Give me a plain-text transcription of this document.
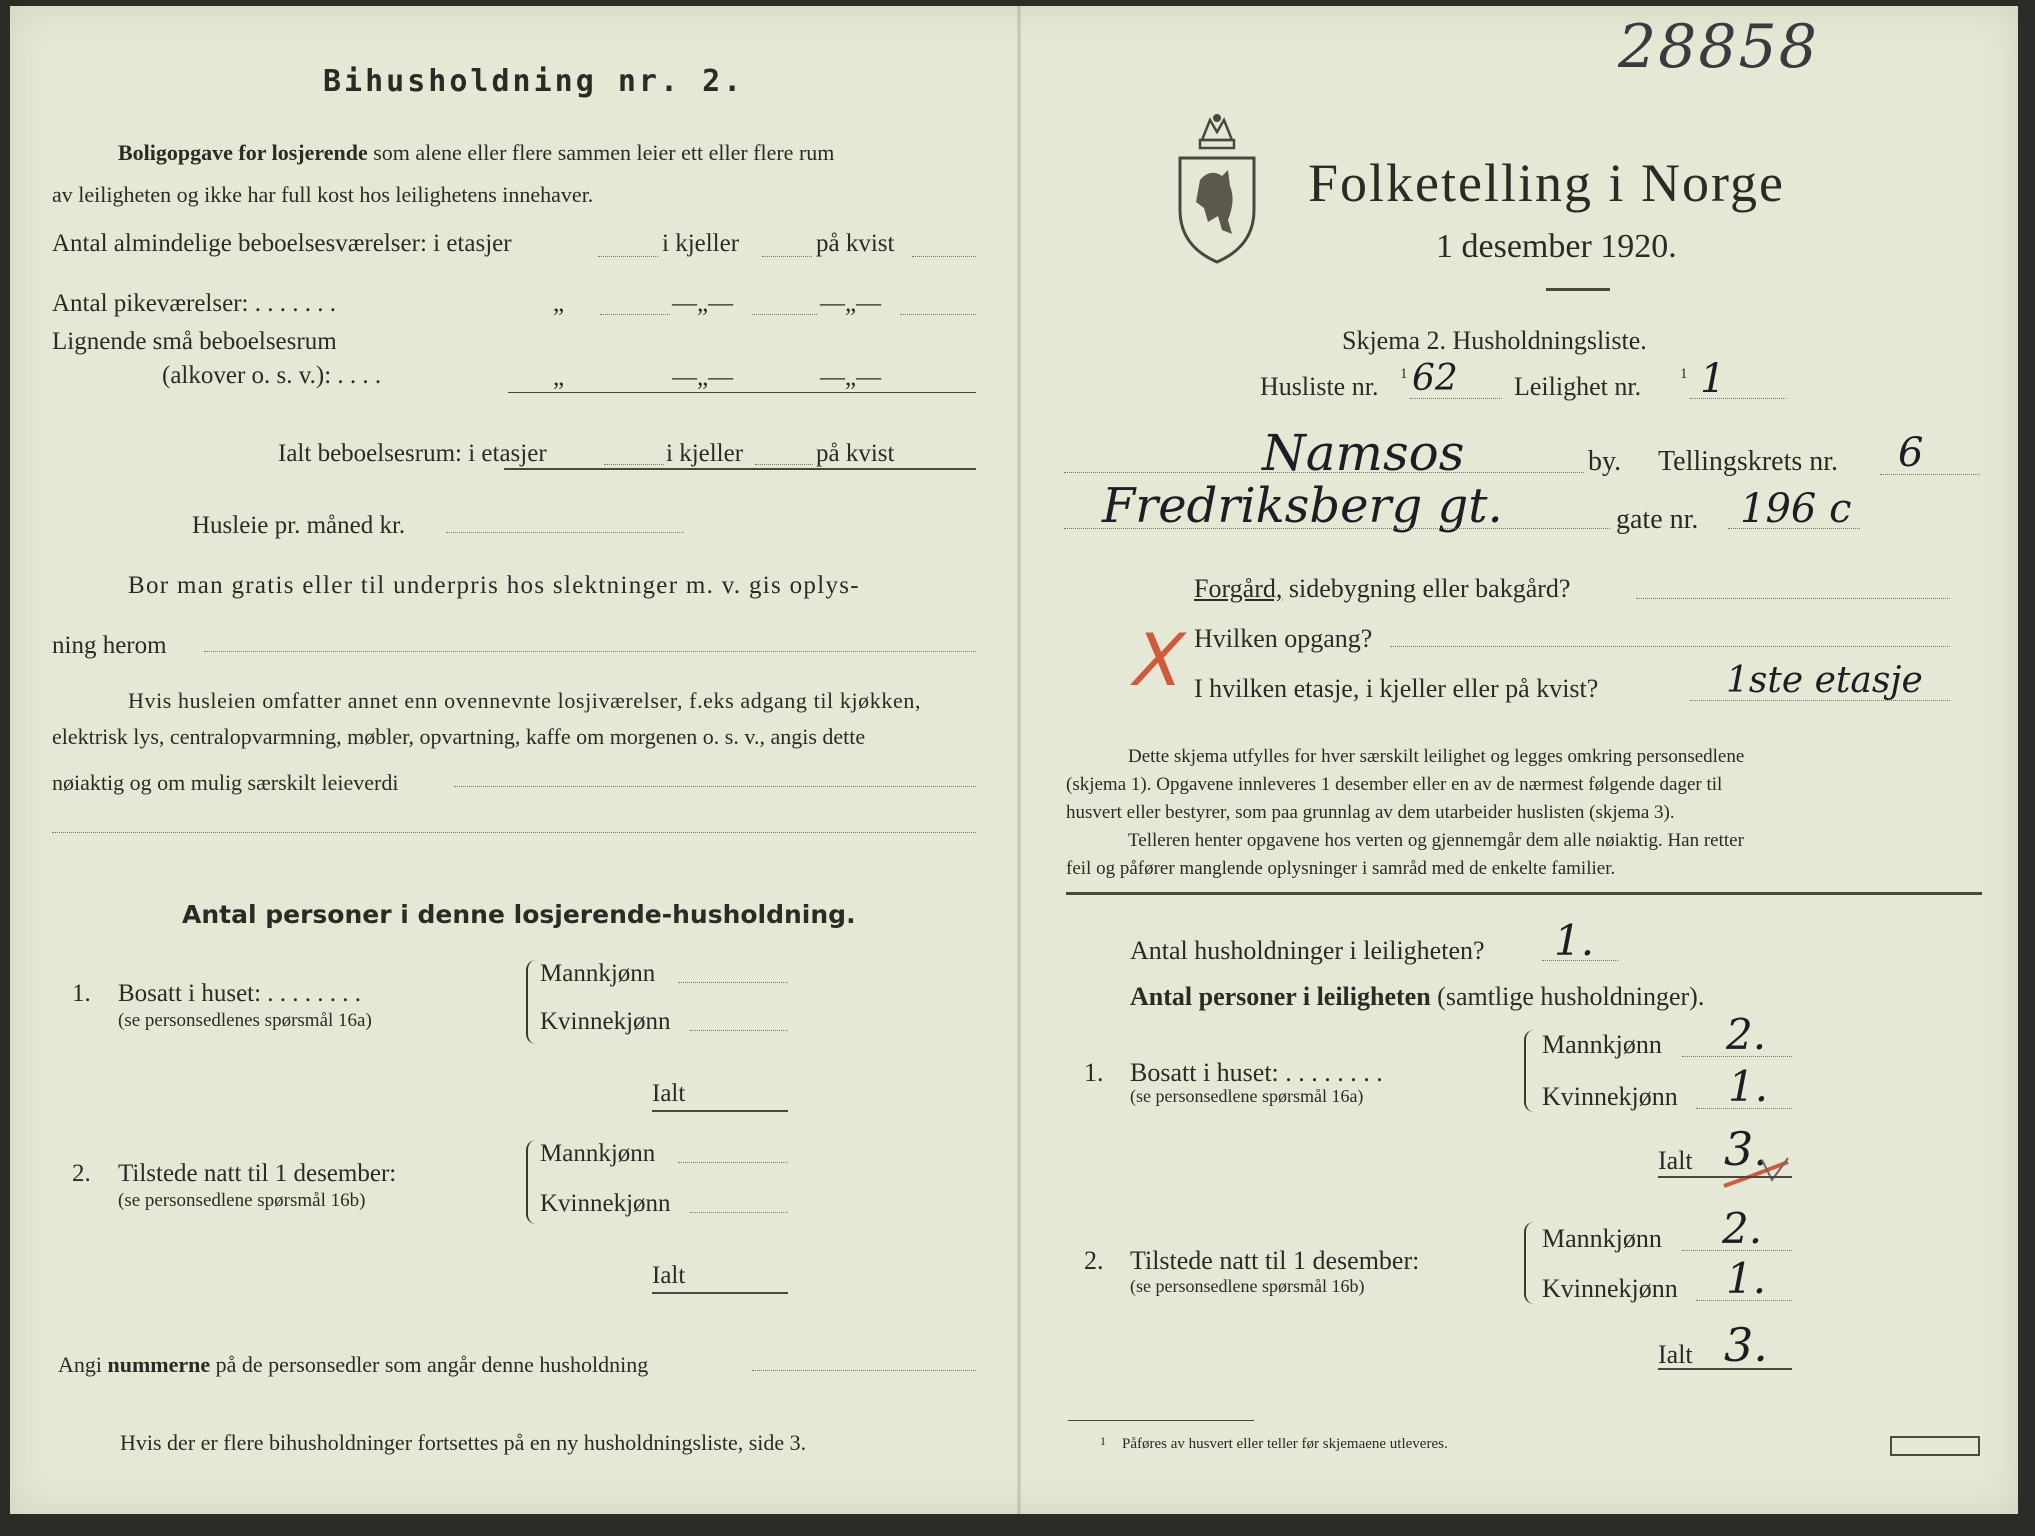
28858
Bihusholdning nr. 2.
Boligopgave for losjerende som alene eller flere sammen leier ett eller flere rum
av leiligheten og ikke har full kost hos leilighetens innehaver.
Antal almindelige beboelsesværelser: i etasjer	i kjeller	på kvist
Antal pikeværelser: . . . . . . .	„	—„—	—„—
Lignende små beboelsesrum
(alkover o. s. v.): . . . .	„	—„—	—„—
Ialt beboelsesrum: i etasjer	i kjeller	på kvist
Husleie pr. måned kr.
Bor man gratis eller til underpris hos slektninger m. v. gis oplys-
ning herom
Hvis husleien omfatter annet enn ovennevnte losjiværelser, f.eks adgang til kjøkken,
elektrisk lys, centralopvarmning, møbler, opvartning, kaffe om morgenen o. s. v., angis dette
nøiaktig og om mulig særskilt leieverdi
Antal personer i denne losjerende-husholdning.
1. Bosatt i huset: . . . . . . . .
(se personsedlenes spørsmål 16a)
Mannkjønn
Kvinnekjønn
Ialt
2. Tilstede natt til 1 desember:
(se personsedlene spørsmål 16b)
Mannkjønn
Kvinnekjønn
Ialt
Angi nummerne på de personsedler som angår denne husholdning
Hvis der er flere bihusholdninger fortsettes på en ny husholdningsliste, side 3.
Folketelling i Norge
1 desember 1920.
Skjema 2. Husholdningsliste.
Husliste nr. 1 62 Leilighet nr.	1 1
Namsos	by. Tellingskrets nr. 6
Fredriksberg gt.	gate nr. 196 c
Forgård, sidebygning eller bakgård?
X Hvilken opgang?
I hvilken etasje, i kjeller eller på kvist?	1ste etasje
Dette skjema utfylles for hver særskilt leilighet og legges omkring personsedlene
(skjema 1). Opgavene innleveres 1 desember eller en av de nærmest følgende dager til
husvert eller bestyrer, som paa grunnlag av dem utarbeider huslisten (skjema 3).
Telleren henter opgavene hos verten og gjennemgår dem alle nøiaktig. Han retter
feil og påfører manglende oplysninger i samråd med de enkelte familier.
Antal husholdninger i leiligheten? 1.
Antal personer i leiligheten (samtlige husholdninger).
1. Bosatt i huset: . . . . . . . .
(se personsedlene spørsmål 16a)
Mannkjønn 2.
Kvinnekjønn 1.
Ialt 3.
2. Tilstede natt til 1 desember:
(se personsedlene spørsmål 16b)
Mannkjønn 2.
Kvinnekjønn 1.
Ialt 3.
1 Påføres av husvert eller teller før skjemaene utleveres.
